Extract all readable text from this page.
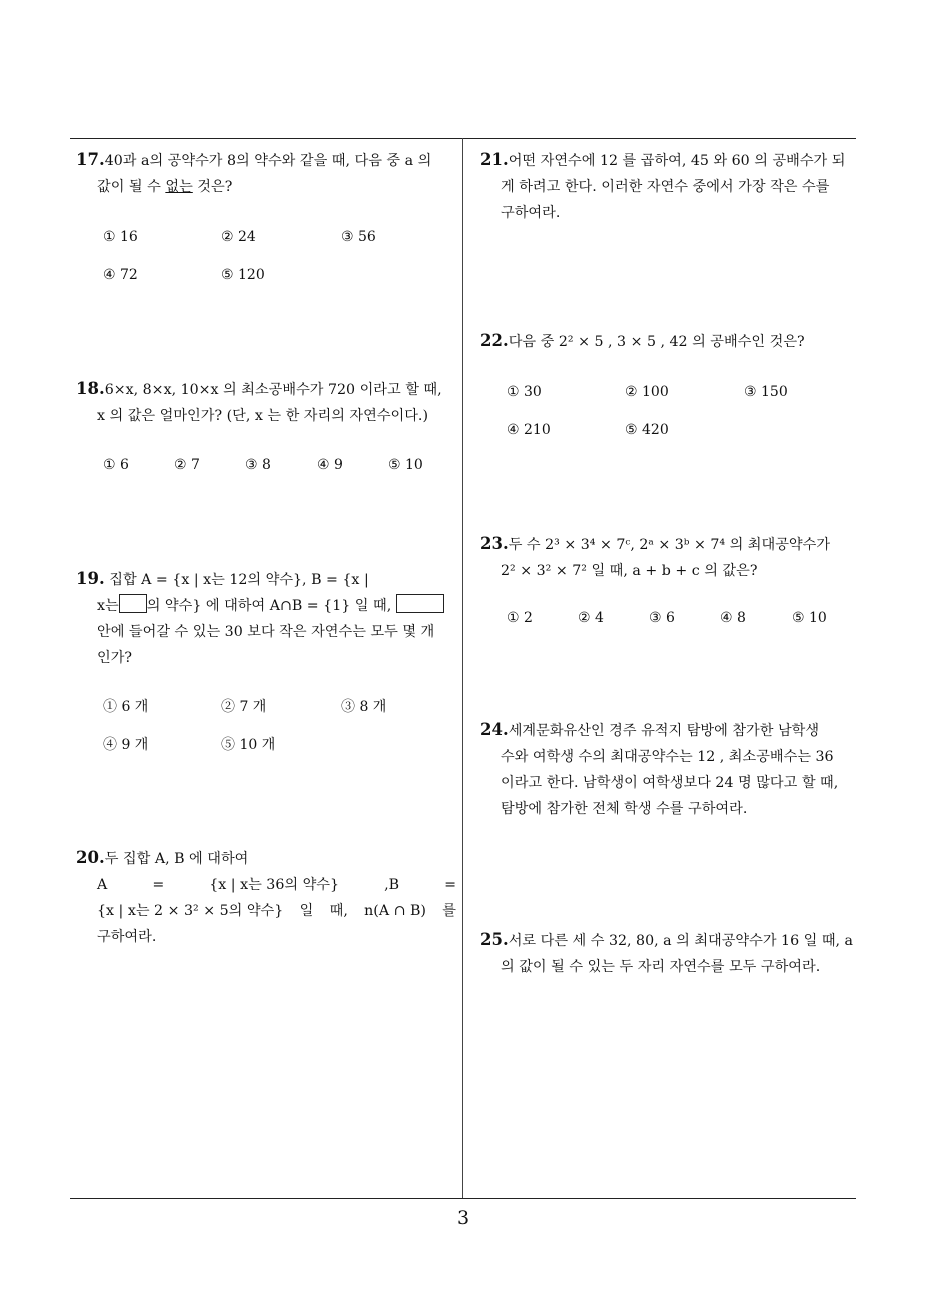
3

17.40과 a의 공약수가 8의 약수와 같을 때, 다음 중 a 의

값이 될 수 없는 것은?

① 16	② 24	③ 56
④ 72	⑤ 120

18.6×x, 8×x, 10×x 의 최소공배수가 720 이라고 할 때,

x 의 값은 얼마인가? (단, x 는 한 자리의 자연수이다.)

① 6	② 7	③ 8	④ 9	⑤ 10

19. 집합 A = {x | x는 12의 약수}, B = {x |

x는 의 약수} 에 대하여 A∩B = {1} 일 때,

안에 들어갈 수 있는 30 보다 작은 자연수는 모두 몇 개

인가?

① 6 개	② 7 개	③ 8 개
④ 9 개	⑤ 10 개

20.두 집합 A, B 에 대하여

A	=	{x | x는 36의 약수}	,B	=

{x | x는 2 × 3² × 5의 약수} 일 때, n(A ∩ B) 를

구하여라.

21.어떤 자연수에 12 를 곱하여, 45 와 60 의 공배수가 되

게 하려고 한다. 이러한 자연수 중에서 가장 작은 수를

구하여라.

22.다음 중 2² × 5 , 3 × 5 , 42 의 공배수인 것은?

① 30	② 100	③ 150
④ 210	⑤ 420

23.두 수 2³ × 3⁴ × 7ᶜ, 2ᵃ × 3ᵇ × 7⁴ 의 최대공약수가

2² × 3² × 7² 일 때, a + b + c 의 값은?

① 2	② 4	③ 6	④ 8	⑤ 10

24.세계문화유산인 경주 유적지 탐방에 참가한 남학생

수와 여학생 수의 최대공약수는 12 , 최소공배수는 36

이라고 한다. 남학생이 여학생보다 24 명 많다고 할 때,

탐방에 참가한 전체 학생 수를 구하여라.

25.서로 다른 세 수 32, 80, a 의 최대공약수가 16 일 때, a

의 값이 될 수 있는 두 자리 자연수를 모두 구하여라.
